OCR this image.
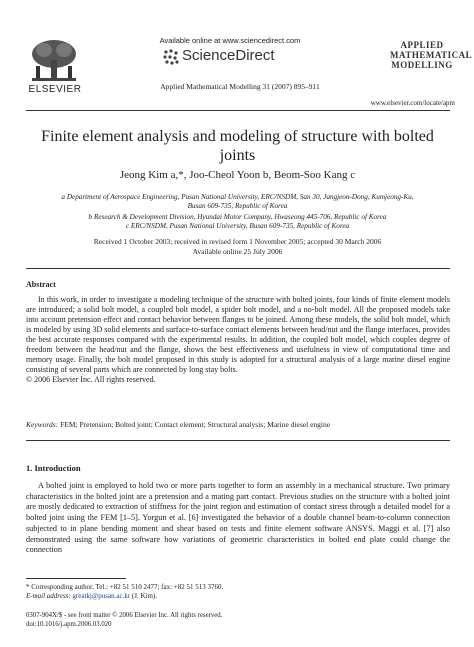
ELSEVIER
Available online at www.sciencedirect.com
ScienceDirect
Applied Mathematical Modelling 31 (2007) 895–911
APPLIED MATHEMATICAL MODELLING
www.elsevier.com/locate/apm
Finite element analysis and modeling of structure with bolted joints
Jeong Kim a,*, Joo-Cheol Yoon b, Beom-Soo Kang c
a Department of Aerospace Engineering, Pusan National University, ERC/NSDM, San 30, Jangjeon-Dong, Kumjeong-Ku, Busan 609-735, Republic of Korea
b Research & Development Division, Hyundai Motor Company, Hwaseong 445-706, Republic of Korea
c ERC/NSDM, Pusan National University, Busan 609-735, Republic of Korea
Received 1 October 2003; received in revised form 1 November 2005; accepted 30 March 2006
Available online 25 July 2006
Abstract
In this work, in order to investigate a modeling technique of the structure with bolted joints, four kinds of finite element models are introduced; a solid bolt model, a coupled bolt model, a spider bolt model, and a no-bolt model. All the proposed models take into account pretension effect and contact behavior between flanges to be joined. Among these models, the solid bolt model, which is modeled by using 3D solid elements and surface-to-surface contact elements between head/nut and the flange interfaces, provides the best accurate responses compared with the experimental results. In addition, the coupled bolt model, which couples degree of freedom between the head/nut and the flange, shows the best effectiveness and usefulness in view of computational time and memory usage. Finally, the bolt model proposed in this study is adopted for a structural analysis of a large marine diesel engine consisting of several parts which are connected by long stay bolts.
© 2006 Elsevier Inc. All rights reserved.
Keywords: FEM; Pretension; Bolted joint; Contact element; Structural analysis; Marine diesel engine
1. Introduction
A bolted joint is employed to hold two or more parts together to form an assembly in a mechanical structure. Two primary characteristics in the bolted joint are a pretension and a mating part contact. Previous studies on the structure with a bolted joint are mostly dedicated to extraction of stiffness for the joint region and estimation of contact stress through a detailed model for a bolted joint using the FEM [1–5]. Yorgun et al. [6] investigated the behavior of a double channel beam-to-column connection subjected to in plane bending moment and shear based on tests and finite element software ANSYS. Maggi et al. [7] also demonstrated using the same software how variations of geometric characteristics in bolted end plate could change the connection
* Corresponding author. Tel.: +82 51 510 2477; fax: +82 51 513 3760.
E-mail address: greatkj@pusan.ac.kr (J. Kim).
0307-904X/$ - see front matter © 2006 Elsevier Inc. All rights reserved.
doi:10.1016/j.apm.2006.03.020
